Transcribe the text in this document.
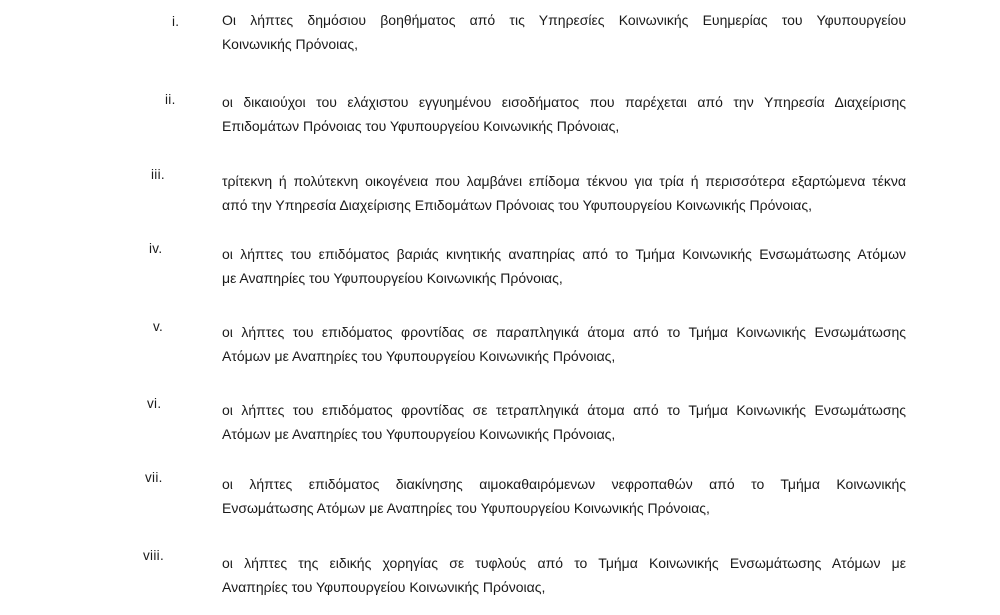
i.	Οι λήπτες δημόσιου βοηθήματος από τις Υπηρεσίες Κοινωνικής Ευημερίας του Υφυπουργείου
Κοινωνικής Πρόνοιας,
ii.	οι δικαιούχοι του ελάχιστου εγγυημένου εισοδήματος που παρέχεται από την Υπηρεσία Διαχείρισης
Επιδομάτων Πρόνοιας του Υφυπουργείου Κοινωνικής Πρόνοιας,
iii.	τρίτεκνη ή πολύτεκνη οικογένεια που λαμβάνει επίδομα τέκνου για τρία ή περισσότερα εξαρτώμενα τέκνα
από την Υπηρεσία Διαχείρισης Επιδομάτων Πρόνοιας του Υφυπουργείου Κοινωνικής Πρόνοιας,
iv.	οι λήπτες του επιδόματος βαριάς κινητικής αναπηρίας από το Τμήμα Κοινωνικής Ενσωμάτωσης Ατόμων
με Αναπηρίες του Υφυπουργείου Κοινωνικής Πρόνοιας,
v.	οι λήπτες του επιδόματος φροντίδας σε παραπληγικά άτομα από το Τμήμα Κοινωνικής Ενσωμάτωσης
Ατόμων με Αναπηρίες του Υφυπουργείου Κοινωνικής Πρόνοιας,
vi.	οι λήπτες του επιδόματος φροντίδας σε τετραπληγικά άτομα από το Τμήμα Κοινωνικής Ενσωμάτωσης
Ατόμων με Αναπηρίες του Υφυπουργείου Κοινωνικής Πρόνοιας,
vii.	οι λήπτες επιδόματος διακίνησης αιμοκαθαιρόμενων νεφροπαθών από το Τμήμα Κοινωνικής
Ενσωμάτωσης Ατόμων με Αναπηρίες του Υφυπουργείου Κοινωνικής Πρόνοιας,
viii.	οι λήπτες της ειδικής χορηγίας σε τυφλούς από το Τμήμα Κοινωνικής Ενσωμάτωσης Ατόμων με
Αναπηρίες του Υφυπουργείου Κοινωνικής Πρόνοιας,
